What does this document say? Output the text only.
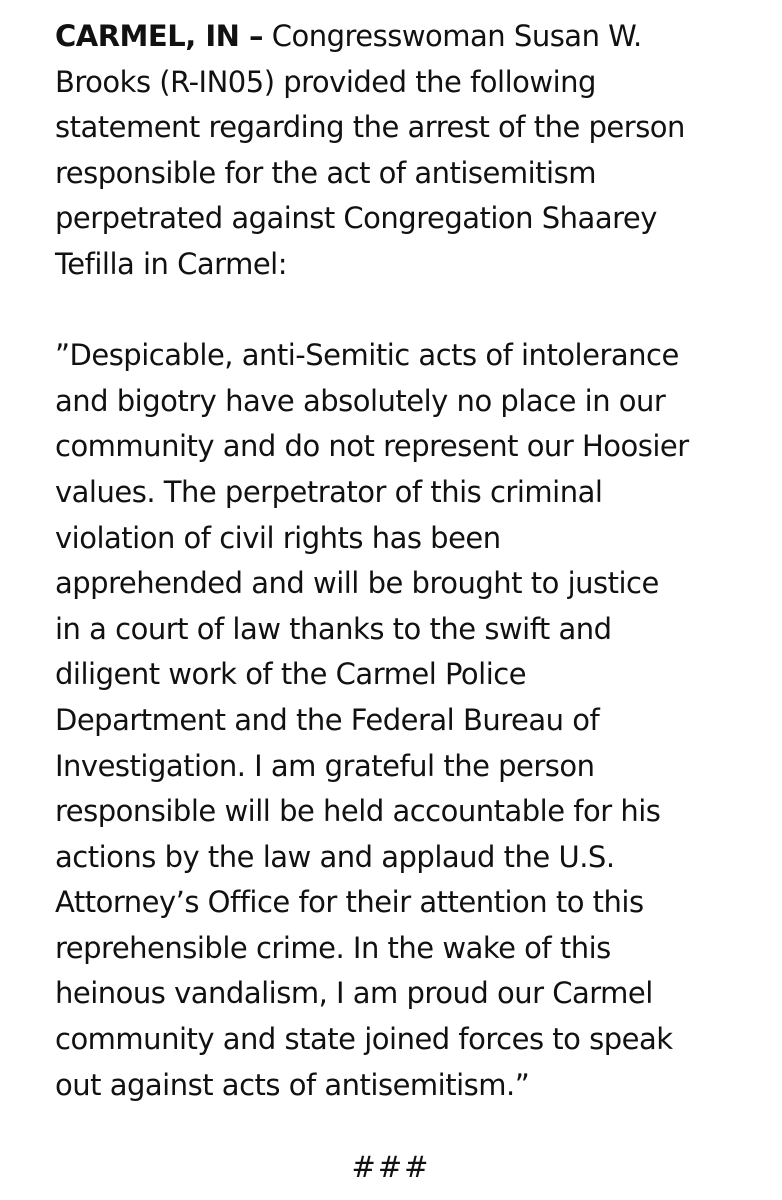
CARMEL, IN – Congresswoman Susan W.
Brooks (R-IN05) provided the following
statement regarding the arrest of the person
responsible for the act of antisemitism
perpetrated against Congregation Shaarey
Tefilla in Carmel:

”Despicable, anti-Semitic acts of intolerance
and bigotry have absolutely no place in our
community and do not represent our Hoosier
values. The perpetrator of this criminal
violation of civil rights has been
apprehended and will be brought to justice
in a court of law thanks to the swift and
diligent work of the Carmel Police
Department and the Federal Bureau of
Investigation. I am grateful the person
responsible will be held accountable for his
actions by the law and applaud the U.S.
Attorney’s Office for their attention to this
reprehensible crime. In the wake of this
heinous vandalism, I am proud our Carmel
community and state joined forces to speak
out against acts of antisemitism.”

###
